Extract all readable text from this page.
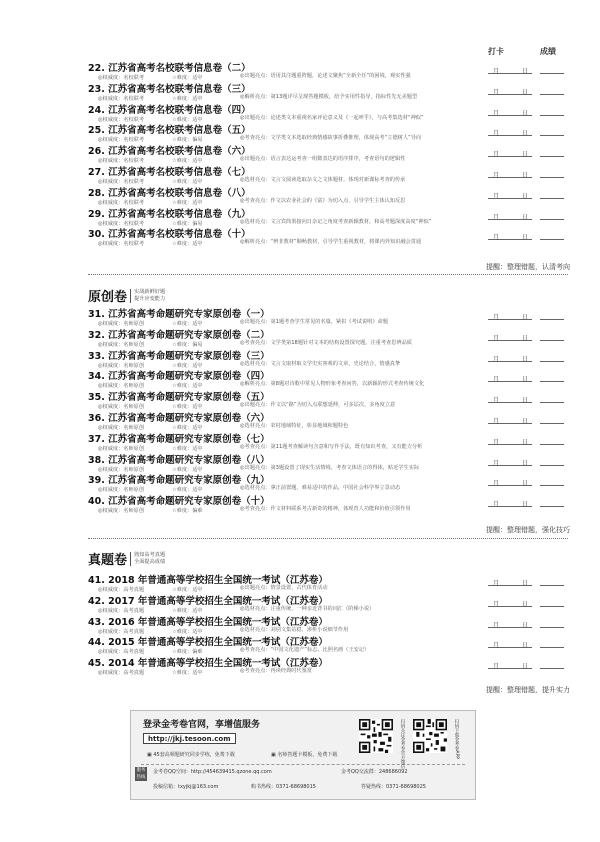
打卡	成绩
22. 江苏省高考名校联考信息卷（二）
◎权威度：名校联考	☆难度：适中	◎出题亮点：语用其注题重阵题，论述文聚焦“全新全任”的困境，观实性强
月	日
23. 江苏省高考名校联考信息卷（三）
◎权威度：名校联考	☆难度：适中	◎解析亮点：第13题详尽呈现答题模板，给予实用性指导，指标性先无美题型
月	日
24. 江苏省高考名校联考信息卷（四）
◎权威度：名校联考	☆难度：适中	◎出题亮点：论述类文本重视名家评论意义及《一起呼乎》，与高考集选材“神似”
月	日
25. 江苏省高考名校联考信息卷（五）
◎权威度：名校联考	☆难度：偏易	◎考查亮点：文学类文本选取经典情感故事折叠推理，体现高考“立德树人”导向
月	日
26. 江苏省高考名校联考信息卷（六）
◎权威度：名校联考	☆难度：适中	◎出题亮点：语言表达运考查一组微表达的语序排序，考查语句的逻辑性
月	日
27. 江苏省高考名校联考信息卷（七）
◎权威度：名校联考	☆难度：适中	◎选材亮点：文言文阅读选取杂文之文体题材，体现对新课标考查的传承
月	日
28. 江苏省高考名校联考信息卷（八）
◎权威度：名校联考	☆难度：适中	◎考查亮点：作文以农业社会的《富》为切入点，引导学生主体认知反思
月	日
29. 江苏省高考名校联考信息卷（九）
◎权威度：名校联考	☆难度：偏易	◎选材亮点：文言宾筒墨接向日杂记之角度考查新颖教材，和高考题深度高度“神似”
月	日
30. 江苏省高考名校联考信息卷（十）
◎权威度：名校联考	☆难度：适中	◎解析亮点：“辨非教材”顺畅教材，引导学生重视教材，将课内外知识融会贯通
月	日
提醒：整理错题，认清考向
原创卷 实战新鲜好题
提升应变能力
31. 江苏省高考命题研究专家原创卷（一）
◎权威度：名师原创	☆难度：适中	◎出题亮点：第1题考查学生常见的名篇，紧扣《考试说明》命题
月	日
32. 江苏省高考命题研究专家原创卷（二）
◎权威度：名师原创	☆难度：偏易	◎考查亮点：文学类第18题针对文本的结构设置探究题，注重考查思辨品质
月	日
33. 江苏省高考命题研究专家原创卷（三）
◎权威度：名师原创	☆难度：适中	◎选材亮点：文言文取材取文学史实客观的文章，史论结合，情感真挚
月	日
34. 江苏省高考命题研究专家原创卷（四）
◎权威度：名师原创	☆难度：适中	◎解析亮点：第8题对诗歌中常见人物形象考查问答，以新颖的形式考查传统文化
月	日
35. 江苏省高考命题研究专家原创卷（五）
◎权威度：名师原创	☆难度：适中	◎出题亮点：作文以“路”为切入点联想延伸，可多层次、多角度立意
月	日
36. 江苏省高考命题研究专家原创卷（六）
◎权威度：名师原创	☆难度：适中	◎选材亮点：农村地域特征，彰显地域和题特色
月	日
37. 江苏省高考命题研究专家原创卷（七）
◎权威度：名师原创	☆难度：适中	◎考查亮点：第11题考查解读句含意和写作手法，既有知识考查，又有能力分析
月	日
38. 江苏省高考命题研究专家原创卷（八）
◎权威度：名师原创	☆难度：适中	◎出题亮点：第3题设置了现实生活情境，考查文体语言的得体，贴近学生实际
月	日
39. 江苏省高考命题研究专家原创卷（九）
◎权威度：名师原创	☆难度：适中	◎选材亮点：拿正前置题，难易适中的作品，中国社会科学界立景动态
月	日
40. 江苏省高考命题研究专家原创卷（十）
◎权威度：名师原创	☆难度：偏难	◎考查亮点：作文材料联系考古新奇的精神，体现育人功能和价值引领作用
月	日
提醒：整理错题，强化技巧
真题卷 熟知高考真题
全面提高成绩
41. 2018 年普通高等学校招生全国统一考试（江苏卷）
◎权威度：高考真题	☆难度：适中	◎出题亮点：情景设置，古代体育活动
月	日
42. 2017 年普通高等学校招生全国统一考试（江苏卷）
◎权威度：高考真题	☆难度：适中	◎选材亮点：注重传统，一种亲近背书的词汇（阶梯小说）
月	日
43. 2016 年普通高等学校招生全国统一考试（江苏卷）
◎权威度：高考真题	☆难度：适中	◎选材亮点：刘别文集站稳，渗析小说细节作用
月	日
44. 2015 年普通高等学校招生全国统一考试（江苏卷）
◎权威度：高考真题	☆难度：偏难	◎考查亮点：“中国文化遗产”标志、比照名画（王安记）
月	日
45. 2014 年普通高等学校招生全国统一考试（江苏卷）
◎权威度：高考真题	☆难度：适中	◎考查亮点：再读经典时代鉴赏
月	日
提醒：整理错题，提升实力
登录金考卷官网，享增值服务
http://jkj.tesoon.com
▣ 45套高频题研究同步学练，免费下载	▣ 名师答题卡模板，免费下载
服务热线
金考卷QQ空间：http://454639415.qzone.qq.com	金考QQ交流群：248686092
投稿信箱：txyjkj@163.com	购书热线：0371-68698015	答疑热线：0371-68698025
扫码关注金考卷官方微信	扫码下载金考卷APP
